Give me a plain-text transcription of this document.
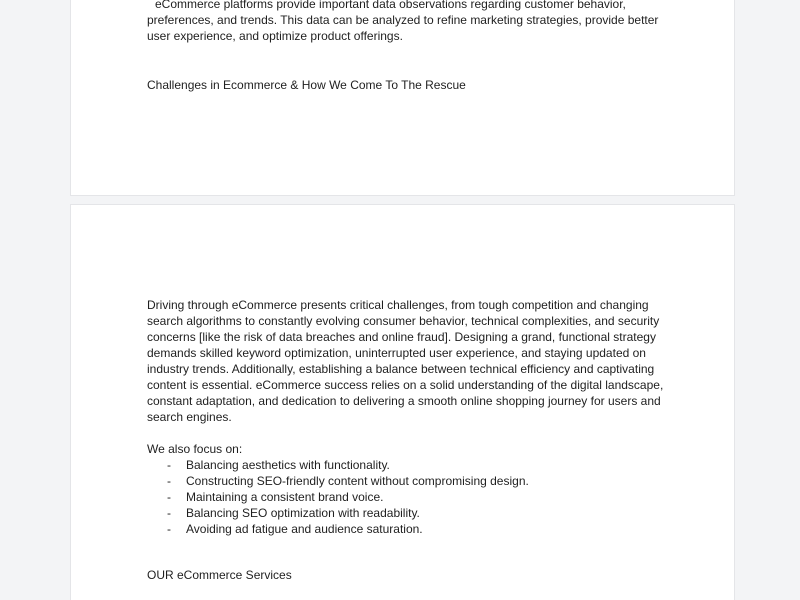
eCommerce platforms provide important data observations regarding customer behavior,
preferences, and trends. This data can be analyzed to refine marketing strategies, provide better
user experience, and optimize product offerings.
Challenges in Ecommerce & How We Come To The Rescue

Driving through eCommerce presents critical challenges, from tough competition and changing search algorithms to constantly evolving consumer behavior, technical complexities, and security concerns [like the risk of data breaches and online fraud]. Designing a grand, functional strategy demands skilled keyword optimization, uninterrupted user experience, and staying updated on industry trends. Additionally, establishing a balance between technical efficiency and captivating content is essential. eCommerce success relies on a solid understanding of the digital landscape, constant adaptation, and dedication to delivering a smooth online shopping journey for users and search engines.

We also focus on:
- Balancing aesthetics with functionality.
- Constructing SEO-friendly content without compromising design.
- Maintaining a consistent brand voice.
- Balancing SEO optimization with readability.
- Avoiding ad fatigue and audience saturation.
OUR eCommerce Services
